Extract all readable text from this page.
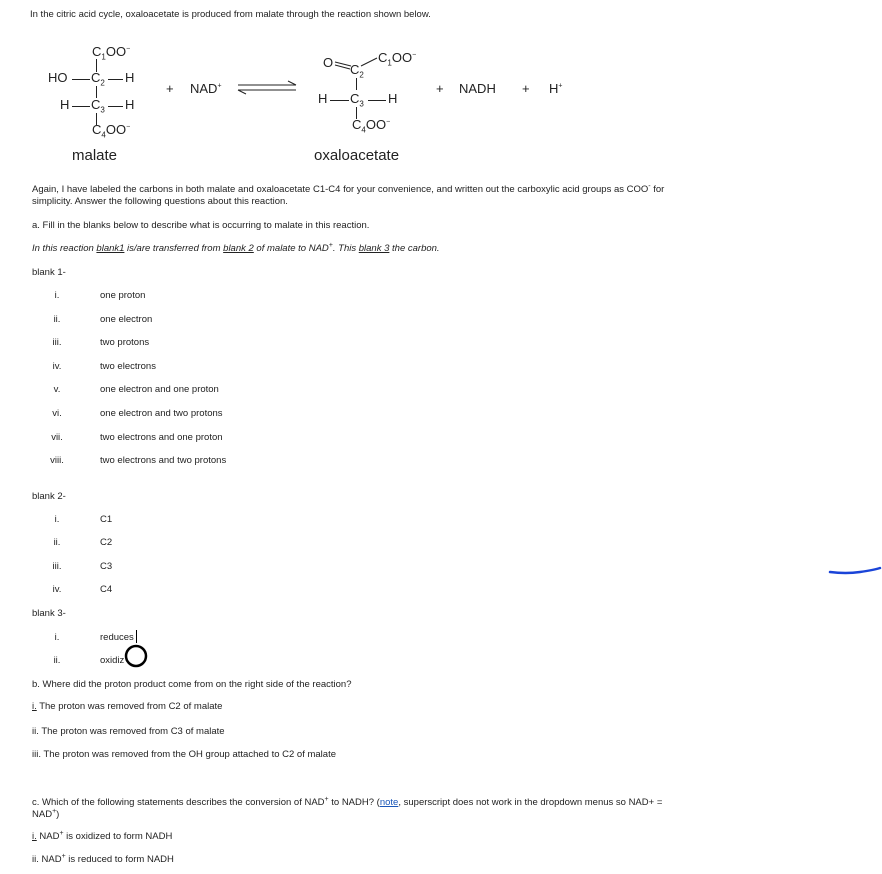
In the citric acid cycle, oxaloacetate is produced from malate through the reaction shown below.
$C_1OO^-$
HO $C_2$ H
H $C_3$ H
$C_4OO^-$
malate
+ NAD+ ⇌
O $C_2$
$C_1OO^-$
H $C_3$ H
$C_4OO^-$
oxaloacetate
+ NADH + H+
Again, I have labeled the carbons in both malate and oxaloacetate C1-C4 for your convenience, and written out the carboxylic acid groups as COO- for
simplicity. Answer the following questions about this reaction.
a. Fill in the blanks below to describe what is occurring to malate in this reaction.
In this reaction blank1 is/are transferred from blank 2 of malate to NAD+. This blank 3 the carbon.
blank 1-
i.	one proton
ii.	one electron
iii.	two protons
iv.	two electrons
v.	one electron and one proton
vi.	one electron and two protons
vii.	two electrons and one proton
viii.	two electrons and two protons
blank 2-
i.	C1
ii.	C2
iii.	C3
iv.	C4
blank 3-
i.	reduces
ii.	oxidiz
b. Where did the proton product come from on the right side of the reaction?
i. The proton was removed from C2 of malate
ii. The proton was removed from C3 of malate
iii. The proton was removed from the OH group attached to C2 of malate
c. Which of the following statements describes the conversion of NAD+ to NADH? (note, superscript does not work in the dropdown menus so NAD+ =
NAD+)
i. NAD+ is oxidized to form NADH
ii. NAD+ is reduced to form NADH
